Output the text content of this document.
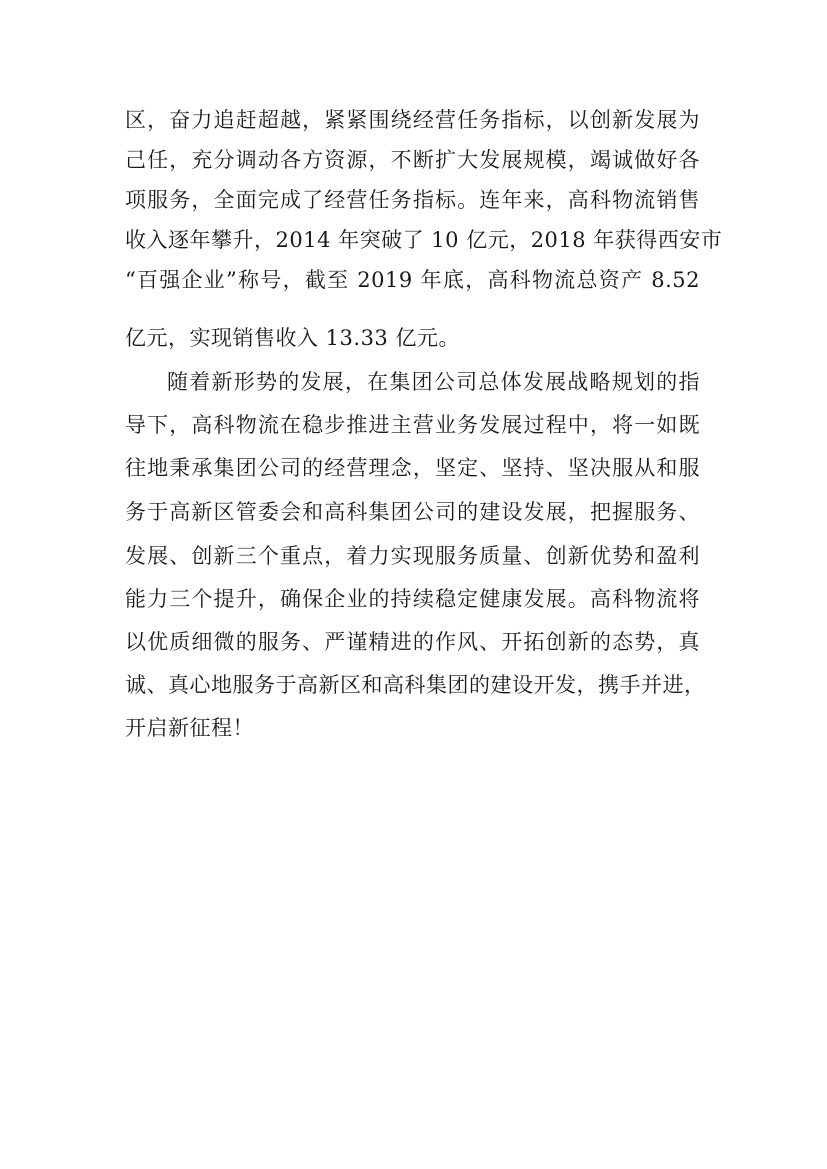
区，奋力追赶超越，紧紧围绕经营任务指标，以创新发展为
己任，充分调动各方资源，不断扩大发展规模，竭诚做好各
项服务，全面完成了经营任务指标。连年来，高科物流销售
收入逐年攀升，2014 年突破了 10 亿元，2018 年获得西安市
“百强企业”称号，截至 2019 年底，高科物流总资产 8.52
亿元，实现销售收入 13.33 亿元。
随着新形势的发展，在集团公司总体发展战略规划的指
导下，高科物流在稳步推进主营业务发展过程中，将一如既
往地秉承集团公司的经营理念，坚定、坚持、坚决服从和服
务于高新区管委会和高科集团公司的建设发展，把握服务、
发展、创新三个重点，着力实现服务质量、创新优势和盈利
能力三个提升，确保企业的持续稳定健康发展。高科物流将
以优质细微的服务、严谨精进的作风、开拓创新的态势，真
诚、真心地服务于高新区和高科集团的建设开发，携手并进，
开启新征程！
